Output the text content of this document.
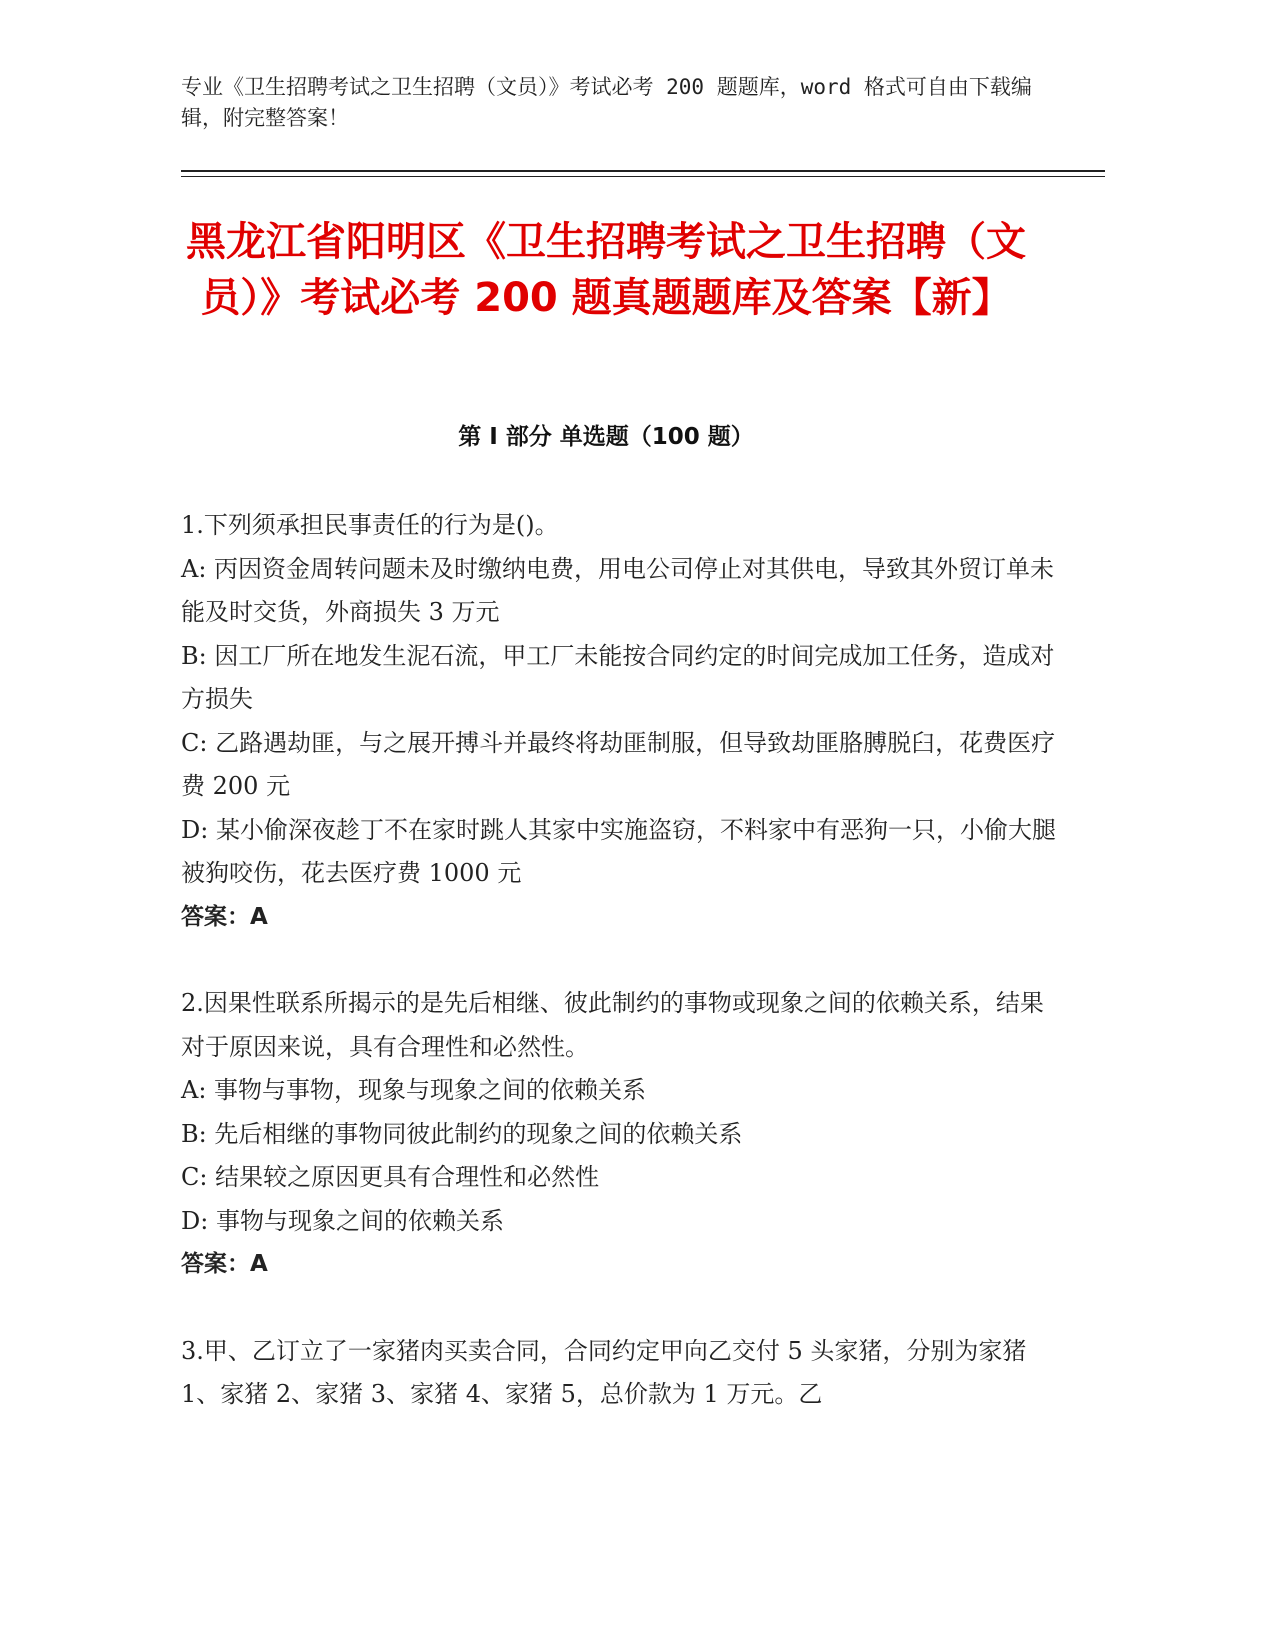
专业《卫生招聘考试之卫生招聘（文员）》考试必考 200 题题库，word 格式可自由下载编辑，附完整答案！
黑龙江省阳明区《卫生招聘考试之卫生招聘（文员）》考试必考 200 题真题题库及答案【新】
第 I 部分 单选题（100 题）

1.下列须承担民事责任的行为是()。

A: 丙因资金周转问题未及时缴纳电费，用电公司停止对其供电，导致其外贸订单未能及时交货，外商损失 3 万元

B: 因工厂所在地发生泥石流，甲工厂未能按合同约定的时间完成加工任务，造成对方损失

C: 乙路遇劫匪，与之展开搏斗并最终将劫匪制服，但导致劫匪胳膊脱臼，花费医疗费 200 元

D: 某小偷深夜趁丁不在家时跳人其家中实施盗窃，不料家中有恶狗一只，小偷大腿被狗咬伤，花去医疗费 1000 元

答案：A

2.因果性联系所揭示的是先后相继、彼此制约的事物或现象之间的依赖关系，结果对于原因来说，具有合理性和必然性。

A: 事物与事物，现象与现象之间的依赖关系

B: 先后相继的事物同彼此制约的现象之间的依赖关系

C: 结果较之原因更具有合理性和必然性

D: 事物与现象之间的依赖关系

答案：A

3.甲、乙订立了一家猪肉买卖合同，合同约定甲向乙交付 5 头家猪，分别为家猪 1、家猪 2、家猪 3、家猪 4、家猪 5，总价款为 1 万元。乙
